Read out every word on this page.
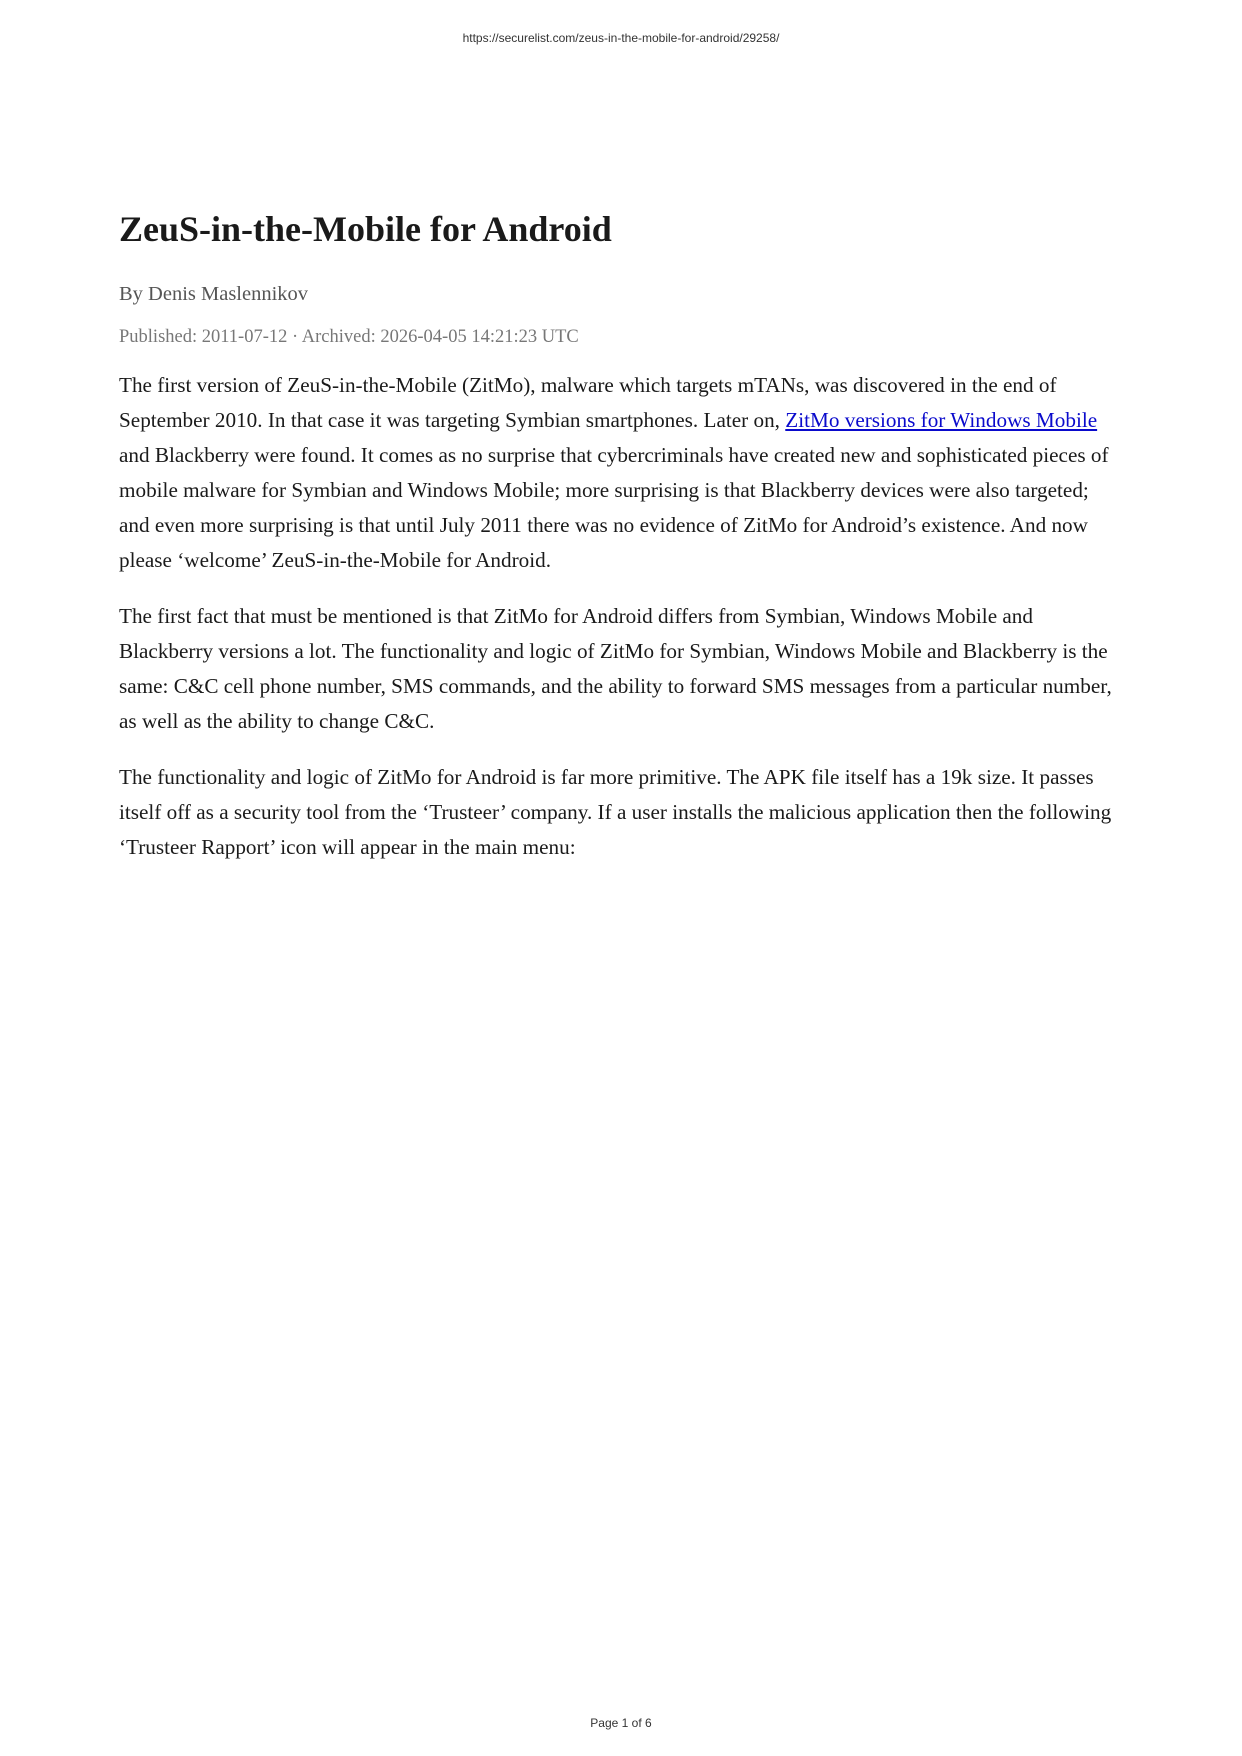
https://securelist.com/zeus-in-the-mobile-for-android/29258/
ZeuS-in-the-Mobile for Android
By Denis Maslennikov
Published: 2011-07-12 · Archived: 2026-04-05 14:21:23 UTC

The first version of ZeuS-in-the-Mobile (ZitMo), malware which targets mTANs, was discovered in the end of September 2010. In that case it was targeting Symbian smartphones. Later on, ZitMo versions for Windows Mobile and Blackberry were found. It comes as no surprise that cybercriminals have created new and sophisticated pieces of mobile malware for Symbian and Windows Mobile; more surprising is that Blackberry devices were also targeted; and even more surprising is that until July 2011 there was no evidence of ZitMo for Android’s existence. And now please ‘welcome’ ZeuS-in-the-Mobile for Android.

The first fact that must be mentioned is that ZitMo for Android differs from Symbian, Windows Mobile and Blackberry versions a lot. The functionality and logic of ZitMo for Symbian, Windows Mobile and Blackberry is the same: C&C cell phone number, SMS commands, and the ability to forward SMS messages from a particular number, as well as the ability to change C&C.

The functionality and logic of ZitMo for Android is far more primitive. The APK file itself has a 19k size. It passes itself off as a security tool from the ‘Trusteer’ company. If a user installs the malicious application then the following ‘Trusteer Rapport’ icon will appear in the main menu:

Page 1 of 6
